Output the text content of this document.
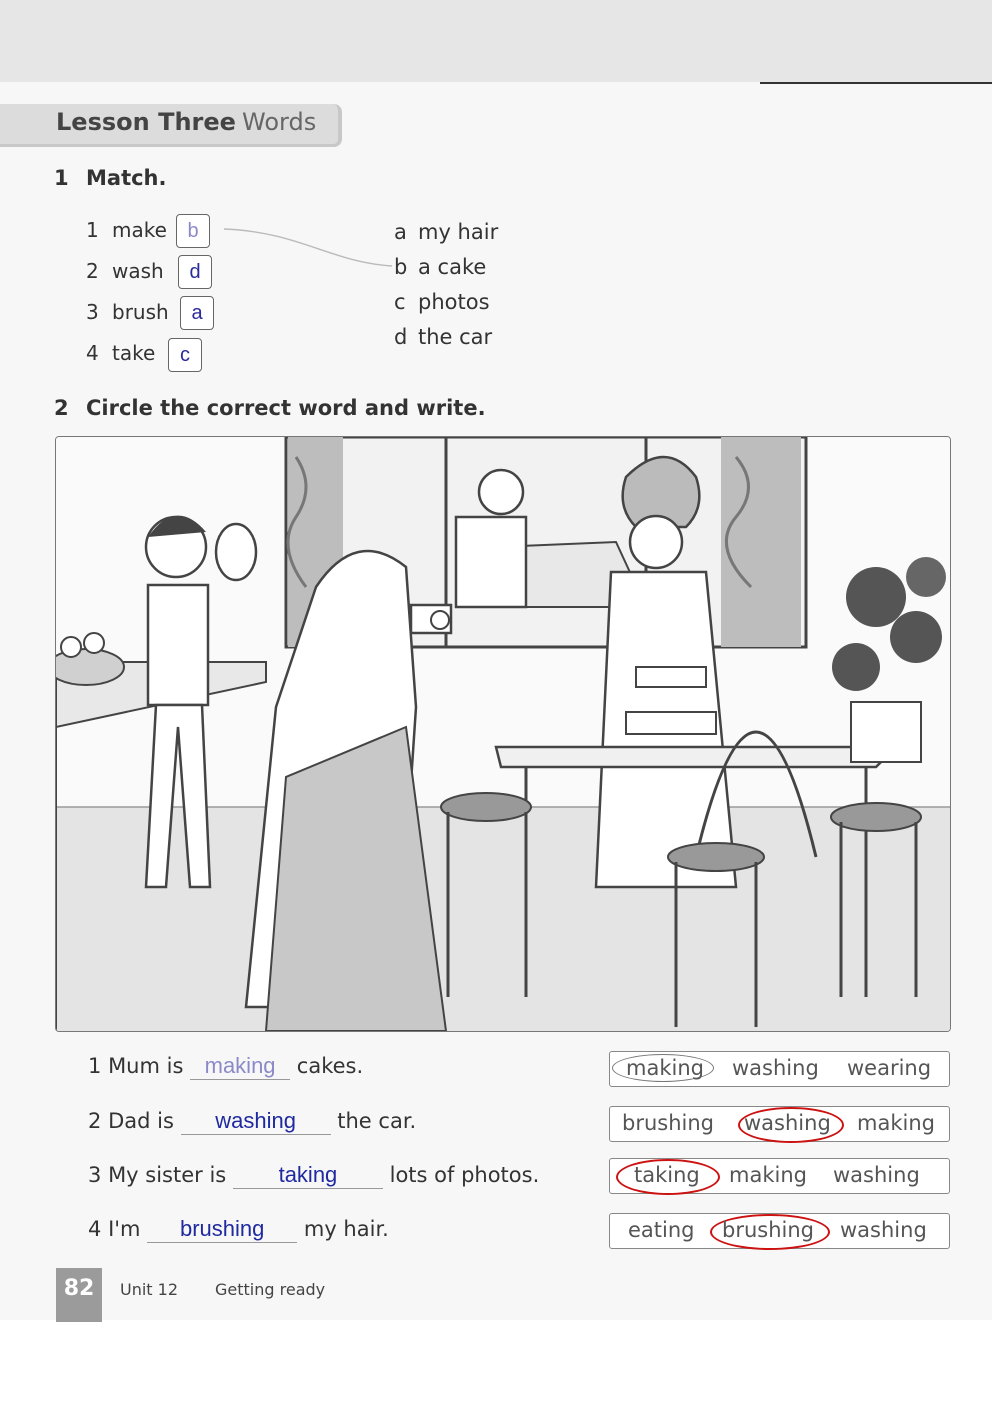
Lesson Three Words
1 Match.
1 make	b
2 wash	d
3 brush	a
4 take	c
a my hair
b a cake
c photos
d the car
2 Circle the correct word and write.
1 Mum is making cakes.
2 Dad is washing the car.
3 My sister is taking lots of photos.
4 I'm brushing my hair.
making washing wearing
brushing washing making
taking making washing
eating brushing washing
82	Unit 12 Getting ready
